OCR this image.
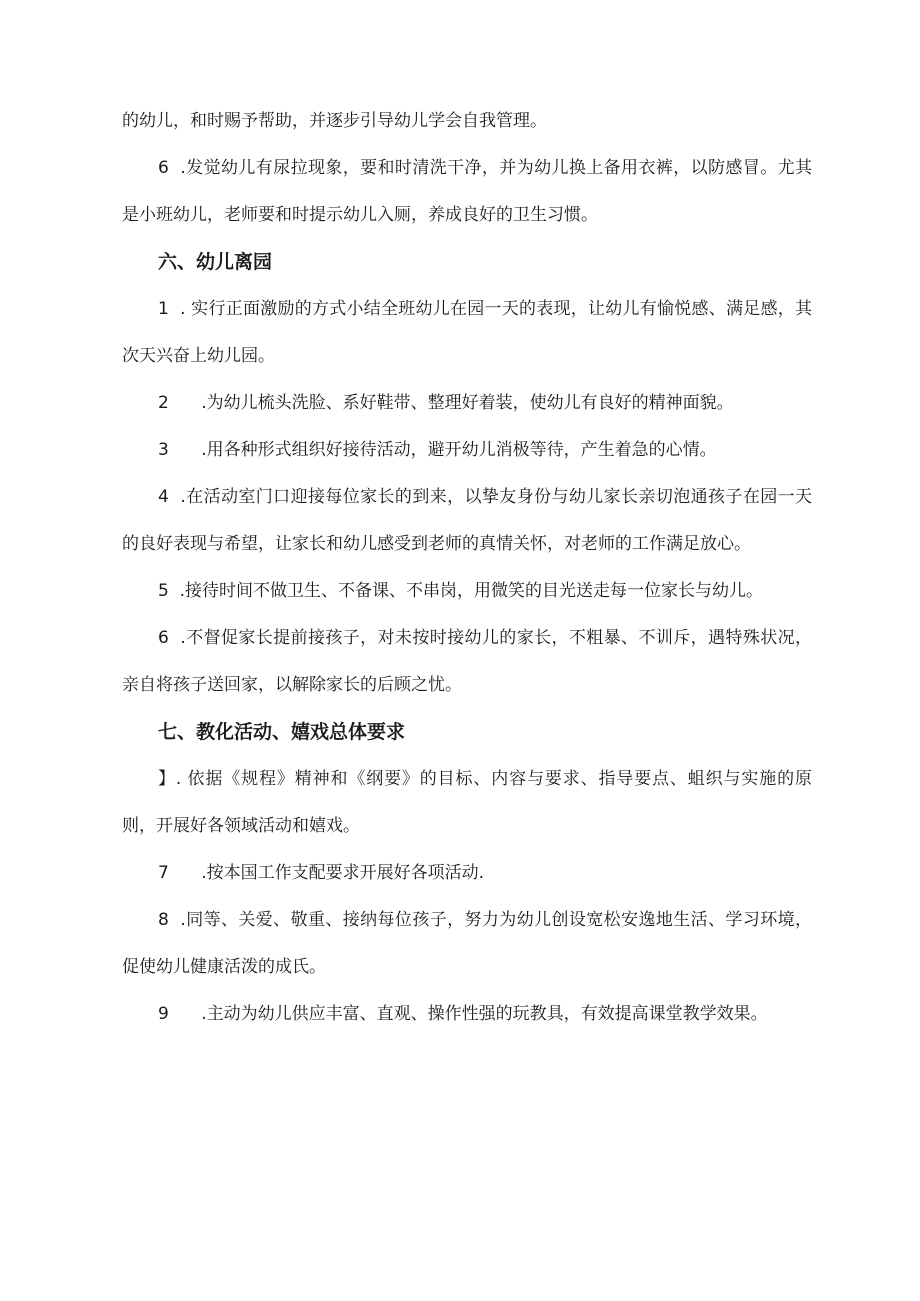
的幼儿，和时赐予帮助，并逐步引导幼儿学会自我管理。

6  .发觉幼儿有尿拉现象，要和时清洗干净，并为幼儿换上备用衣裤，以防感冒。尤其是小班幼儿，老师要和时提示幼儿入厕，养成良好的卫生习惯。

六、幼儿离园

1  . 实行正面激励的方式小结全班幼儿在园一天的表现，让幼儿有愉悦感、满足感，其次天兴奋上幼儿园。

2      .为幼儿梳头洗脸、系好鞋带、整理好着装，使幼儿有良好的精神面貌。

3      .用各种形式组织好接待活动，避开幼儿消极等待，产生着急的心情。

4  .在活动室门口迎接每位家长的到来，以挚友身份与幼儿家长亲切泡通孩子在园一天的良好表现与希望，让家长和幼儿感受到老师的真情关怀，对老师的工作满足放心。

5  .接待时间不做卫生、不备课、不串岗，用微笑的目光送走每一位家长与幼儿。

6  .不督促家长提前接孩子，对未按时接幼儿的家长，不粗暴、不训斥，遇特殊状况，亲自将孩子送回家，以解除家长的后顾之忧。

七、教化活动、嬉戏总体要求

】. 依据《规程》精神和《纲要》的目标、内容与要求、指导要点、蛆织与实施的原则，开展好各领域活动和嬉戏。

7      .按本国工作支配要求开展好各项活动.

8  .同等、关爱、敬重、接纳每位孩子，努力为幼儿创设宽松安逸地生活、学习环境，促使幼儿健康活泼的成氏。

9      .主动为幼儿供应丰富、直观、操作性强的玩教具，有效提高课堂教学效果。
